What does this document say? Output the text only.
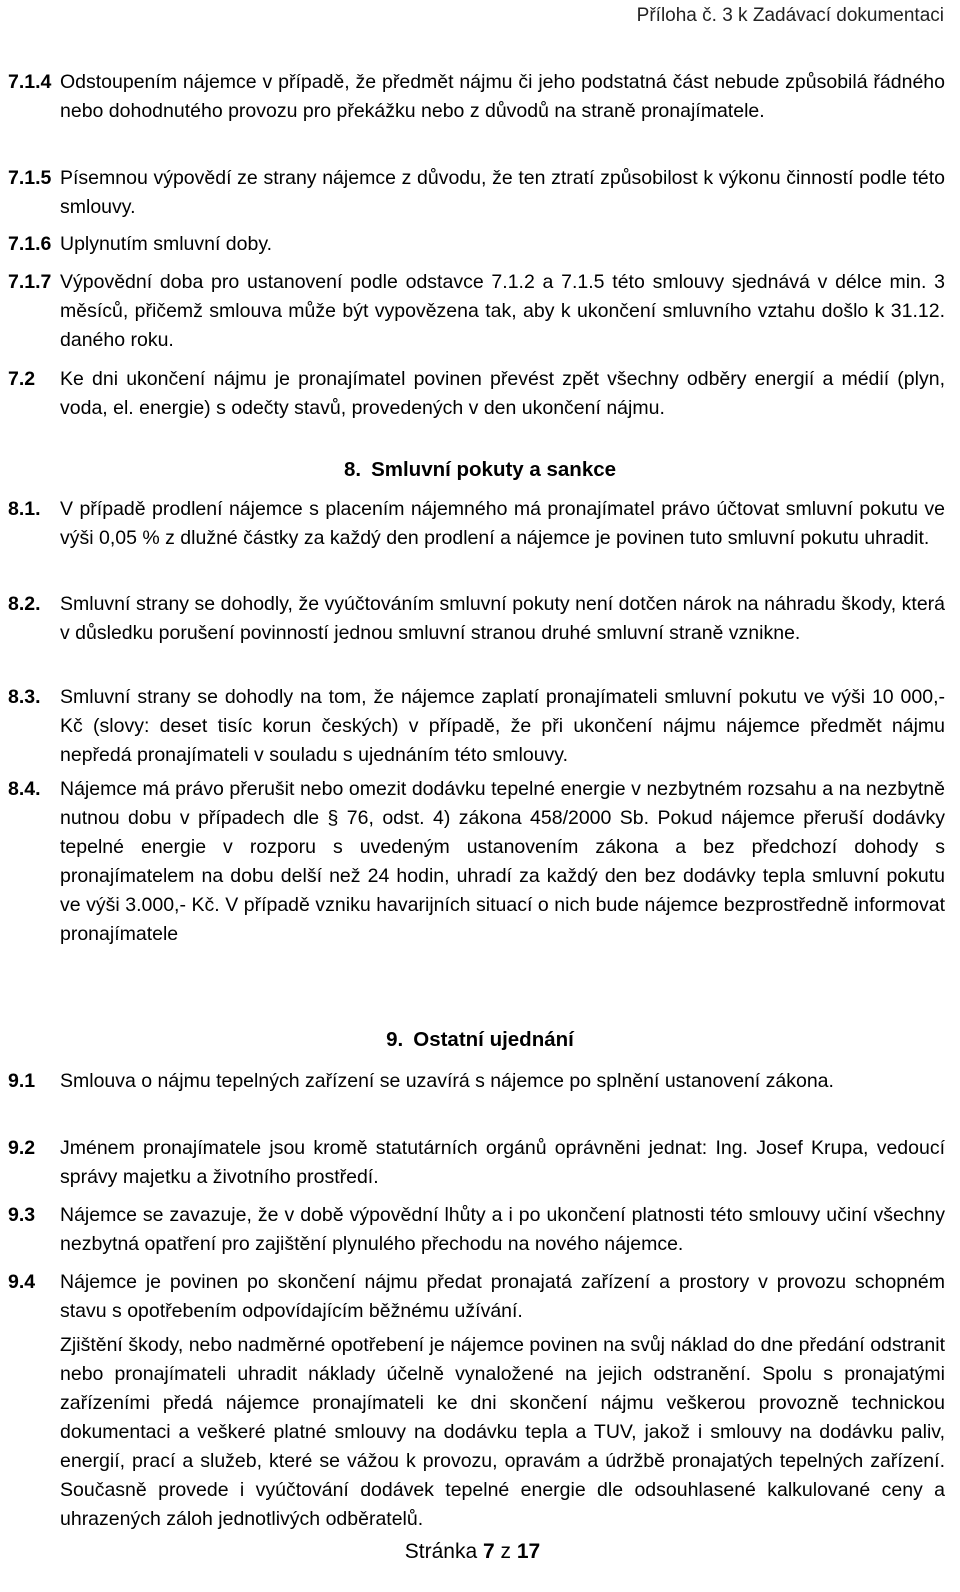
Příloha č. 3 k Zadávací dokumentaci
7.1.4 Odstoupením nájemce v případě, že předmět nájmu či jeho podstatná část nebude způsobilá řádného nebo dohodnutého provozu pro překážku nebo z důvodů na straně pronajímatele.
7.1.5 Písemnou výpovědí ze strany nájemce z důvodu, že ten ztratí způsobilost k výkonu činností podle této smlouvy.
7.1.6 Uplynutím smluvní doby.
7.1.7 Výpovědní doba pro ustanovení podle odstavce 7.1.2 a 7.1.5 této smlouvy sjednává v délce min. 3 měsíců, přičemž smlouva může být vypovězena tak, aby k ukončení smluvního vztahu došlo k 31.12. daného roku.
7.2 Ke dni ukončení nájmu je pronajímatel povinen převést zpět všechny odběry energií a médií (plyn, voda, el. energie) s odečty stavů, provedených v den ukončení nájmu.
8. Smluvní pokuty a sankce
8.1. V případě prodlení nájemce s placením nájemného má pronajímatel právo účtovat smluvní pokutu ve výši 0,05 % z dlužné částky za každý den prodlení a nájemce je povinen tuto smluvní pokutu uhradit.
8.2. Smluvní strany se dohodly, že vyúčtováním smluvní pokuty není dotčen nárok na náhradu škody, která v důsledku porušení povinností jednou smluvní stranou druhé smluvní straně vznikne.
8.3. Smluvní strany se dohodly na tom, že nájemce zaplatí pronajímateli smluvní pokutu ve výši 10 000,- Kč (slovy: deset tisíc korun českých) v případě, že při ukončení nájmu nájemce předmět nájmu nepředá pronajímateli v souladu s ujednáním této smlouvy.
8.4. Nájemce má právo přerušit nebo omezit dodávku tepelné energie v nezbytném rozsahu a na nezbytně nutnou dobu v případech dle § 76, odst. 4) zákona 458/2000 Sb. Pokud nájemce přeruší dodávky tepelné energie v rozporu s uvedeným ustanovením zákona a bez předchozí dohody s pronajímatelem na dobu delší než 24 hodin, uhradí za každý den bez dodávky tepla smluvní pokutu ve výši 3.000,- Kč. V případě vzniku havarijních situací o nich bude nájemce bezprostředně informovat pronajímatele
9. Ostatní ujednání
9.1 Smlouva o nájmu tepelných zařízení se uzavírá s nájemce po splnění ustanovení zákona.
9.2 Jménem pronajímatele jsou kromě statutárních orgánů oprávněni jednat: Ing. Josef Krupa, vedoucí správy majetku a životního prostředí.
9.3 Nájemce se zavazuje, že v době výpovědní lhůty a i po ukončení platnosti této smlouvy učiní všechny nezbytná opatření pro zajištění plynulého přechodu na nového nájemce.
9.4 Nájemce je povinen po skončení nájmu předat pronajatá zařízení a prostory v provozu schopném stavu s opotřebením odpovídajícím běžnému užívání.
Zjištění škody, nebo nadměrné opotřebení je nájemce povinen na svůj náklad do dne předání odstranit nebo pronajímateli uhradit náklady účelně vynaložené na jejich odstranění. Spolu s pronajatými zařízeními předá nájemce pronajímateli ke dni skončení nájmu veškerou provozně technickou dokumentaci a veškeré platné smlouvy na dodávku tepla a TUV, jakož i smlouvy na dodávku paliv, energií, prací a služeb, které se vážou k provozu, opravám a údržbě pronajatých tepelných zařízení. Současně provede i vyúčtování dodávek tepelné energie dle odsouhlasené kalkulované ceny a uhrazených záloh jednotlivých odběratelů.
Stránka 7 z 17
